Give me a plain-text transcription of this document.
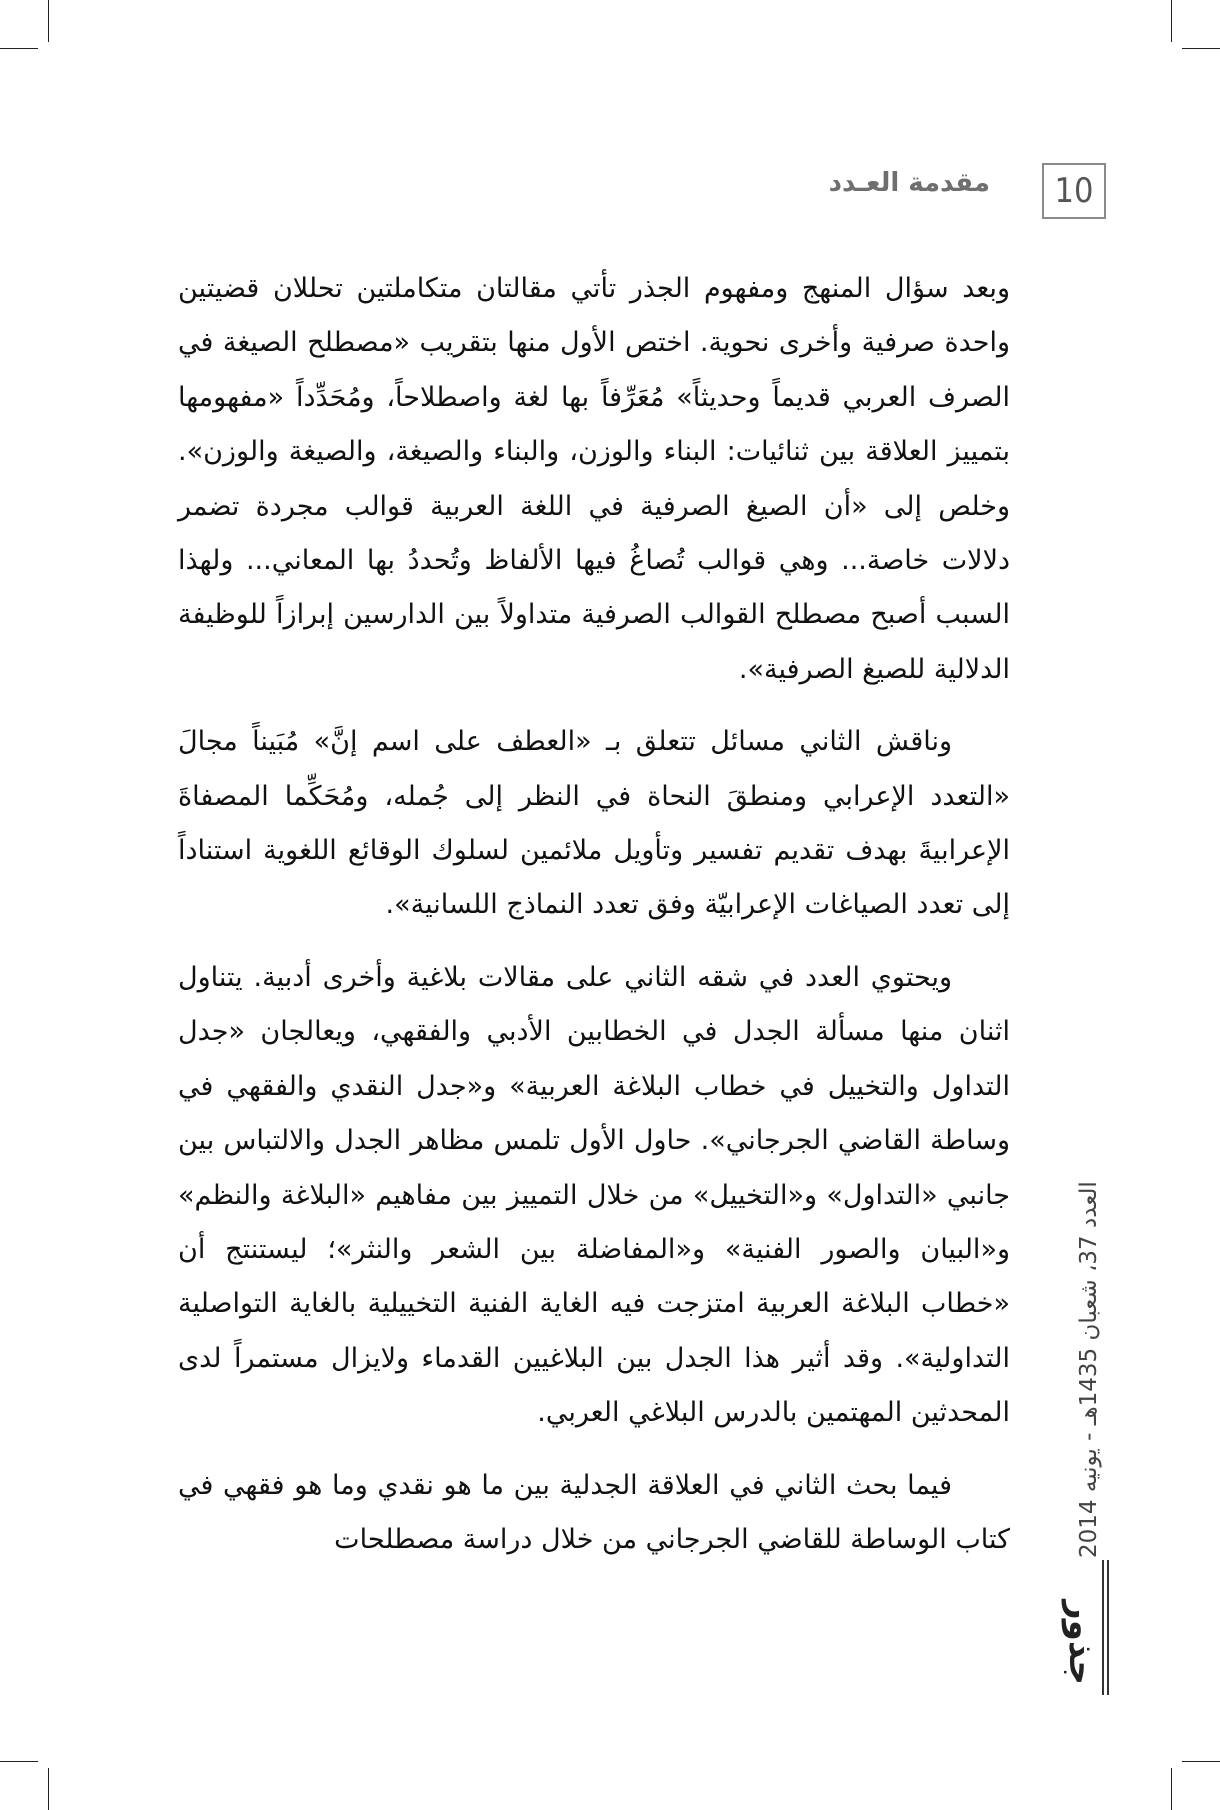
مقدمة العـدد	10

وبعد سؤال المنهج ومفهوم الجذر تأتي مقالتان متكاملتين تحللان قضيتين واحدة صرفية وأخرى نحوية. اختص الأول منها بتقريب «مصطلح الصيغة في الصرف العربي قديماً وحديثاً» مُعَرِّفاً بها لغة واصطلاحاً، ومُحَدِّداً «مفهومها بتمييز العلاقة بين ثنائيات: البناء والوزن، والبناء والصيغة، والصيغة والوزن». وخلص إلى «أن الصيغ الصرفية في اللغة العربية قوالب مجردة تضمر دلالات خاصة... وهي قوالب تُصاغُ فيها الألفاظ وتُحددُ بها المعاني... ولهذا السبب أصبح مصطلح القوالب الصرفية متداولاً بين الدارسين إبرازاً للوظيفة الدلالية للصيغ الصرفية».

وناقش الثاني مسائل تتعلق بـ «العطف على اسم إنَّ» مُبَيناً مجالَ «التعدد الإعرابي ومنطقَ النحاة في النظر إلى جُمله، ومُحَكِّما المصفاةَ الإعرابيةَ بهدف تقديم تفسير وتأويل ملائمين لسلوك الوقائع اللغوية استناداً إلى تعدد الصياغات الإعرابيّة وفق تعدد النماذج اللسانية».

ويحتوي العدد في شقه الثاني على مقالات بلاغية وأخرى أدبية. يتناول اثنان منها مسألة الجدل في الخطابين الأدبي والفقهي، ويعالجان «جدل التداول والتخييل في خطاب البلاغة العربية» و«جدل النقدي والفقهي في وساطة القاضي الجرجاني». حاول الأول تلمس مظاهر الجدل والالتباس بين جانبي «التداول» و«التخييل» من خلال التمييز بين مفاهيم «البلاغة والنظم» و«البيان والصور الفنية» و«المفاضلة بين الشعر والنثر»؛ ليستنتج أن «خطاب البلاغة العربية امتزجت فيه الغاية الفنية التخييلية بالغاية التواصلية التداولية». وقد أثير هذا الجدل بين البلاغيين القدماء ولايزال مستمراً لدى المحدثين المهتمين بالدرس البلاغي العربي.

فيما بحث الثاني في العلاقة الجدلية بين ما هو نقدي وما هو فقهي في كتاب الوساطة للقاضي الجرجاني من خلال دراسة مصطلحات	العدد 37، شعبان 1435هـ - يونيه 2014
جذور
